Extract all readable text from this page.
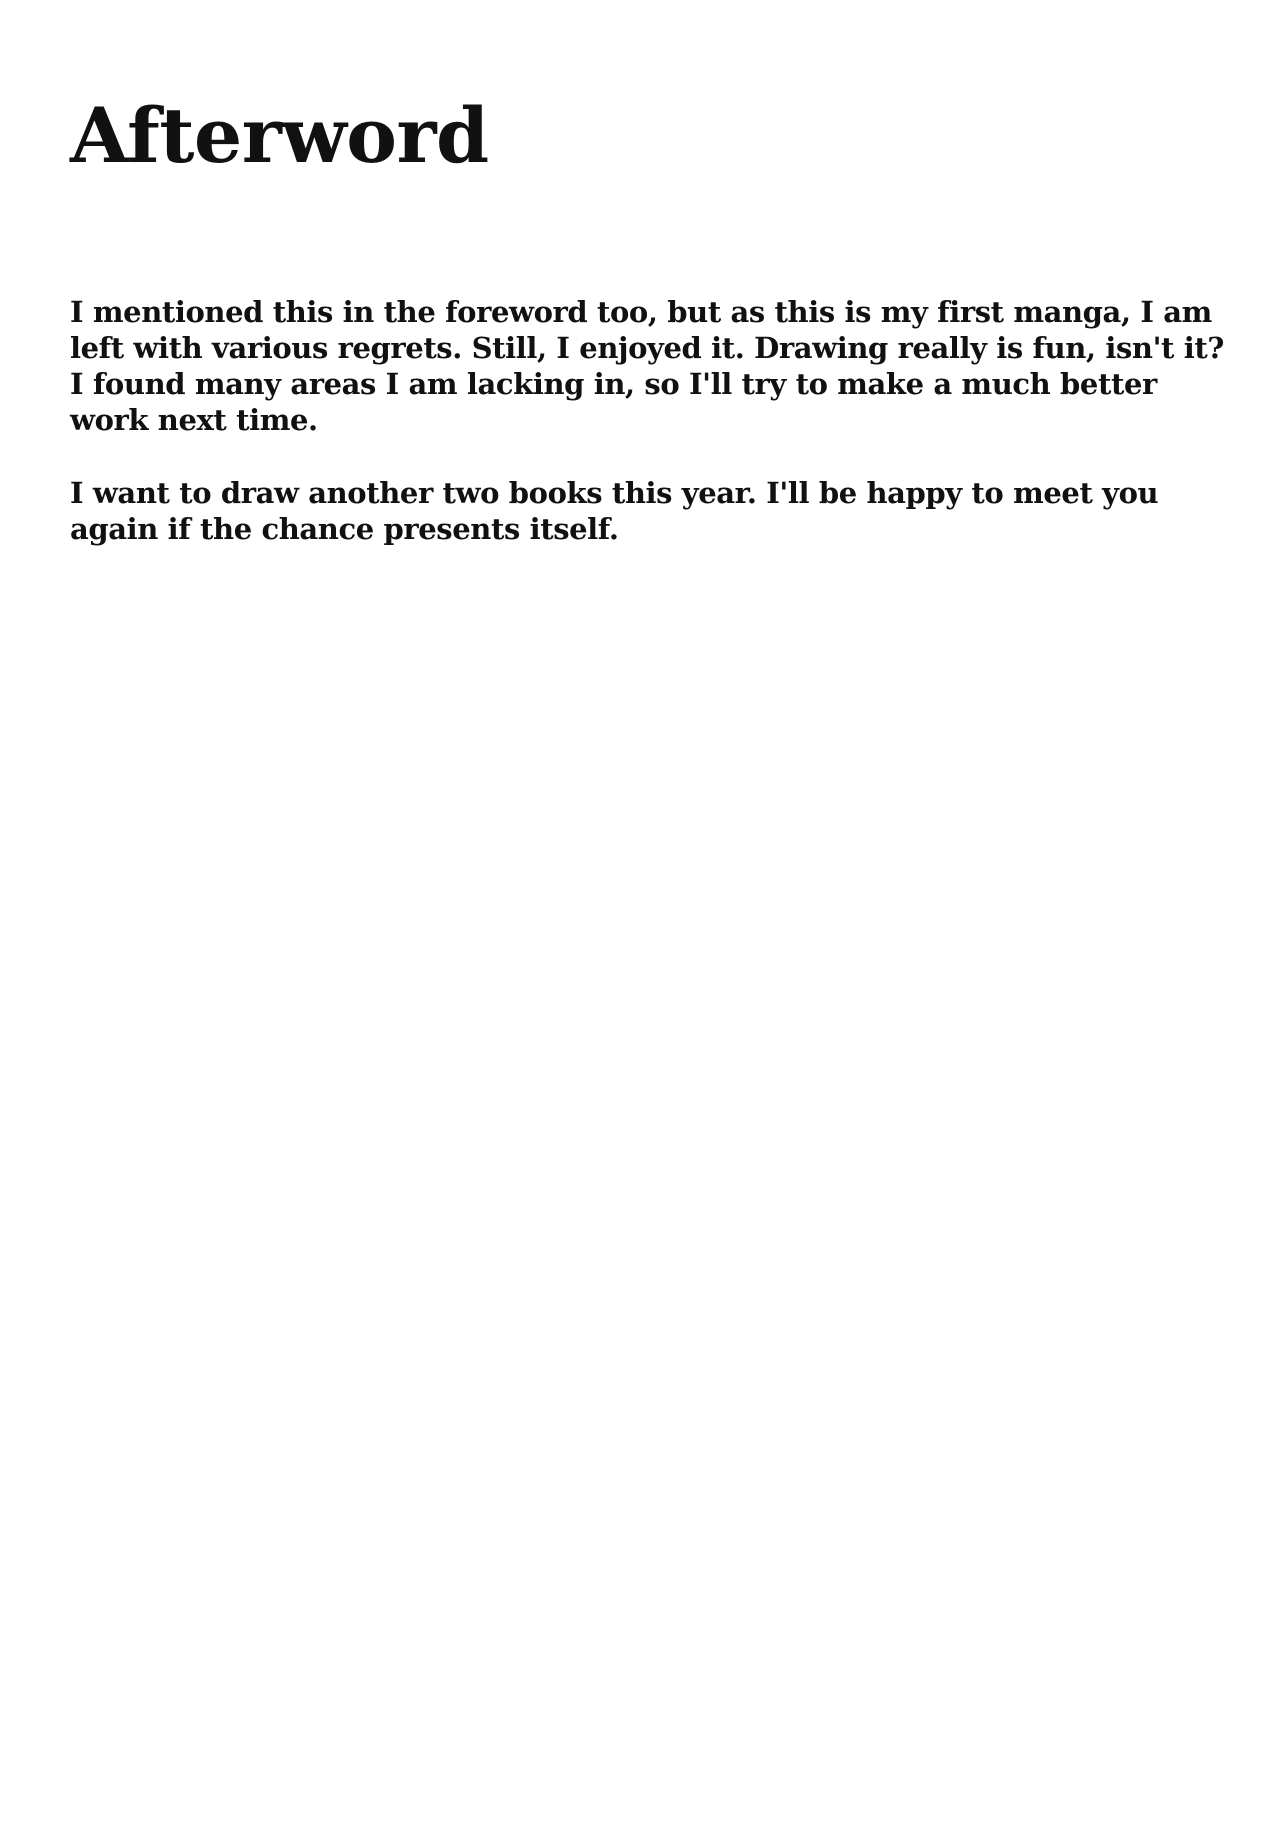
Afterword

I mentioned this in the foreword too, but as this is my first manga, I am left with various regrets. Still, I enjoyed it. Drawing really is fun, isn't it? I found many areas I am lacking in, so I'll try to make a much better work next time.

I want to draw another two books this year. I'll be happy to meet you again if the chance presents itself.
